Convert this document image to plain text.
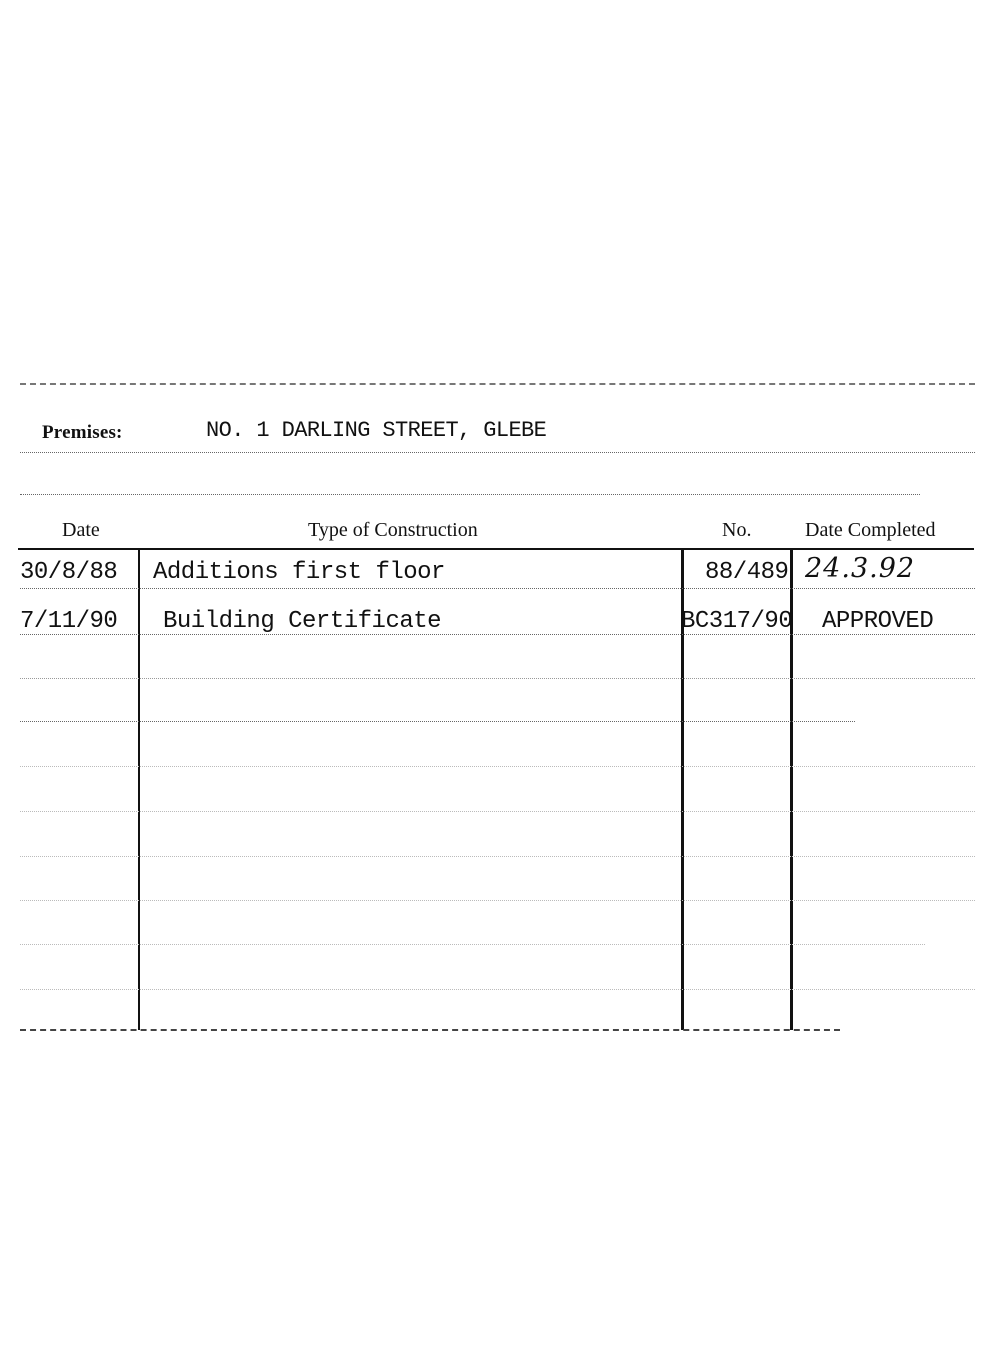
Premises:	NO. 1 DARLING STREET, GLEBE
Date	Type of Construction	No.	Date Completed
30/8/88 Additions first floor	88/489 24.3.92
7/11/90 Building Certificate	BC317/90 APPROVED
